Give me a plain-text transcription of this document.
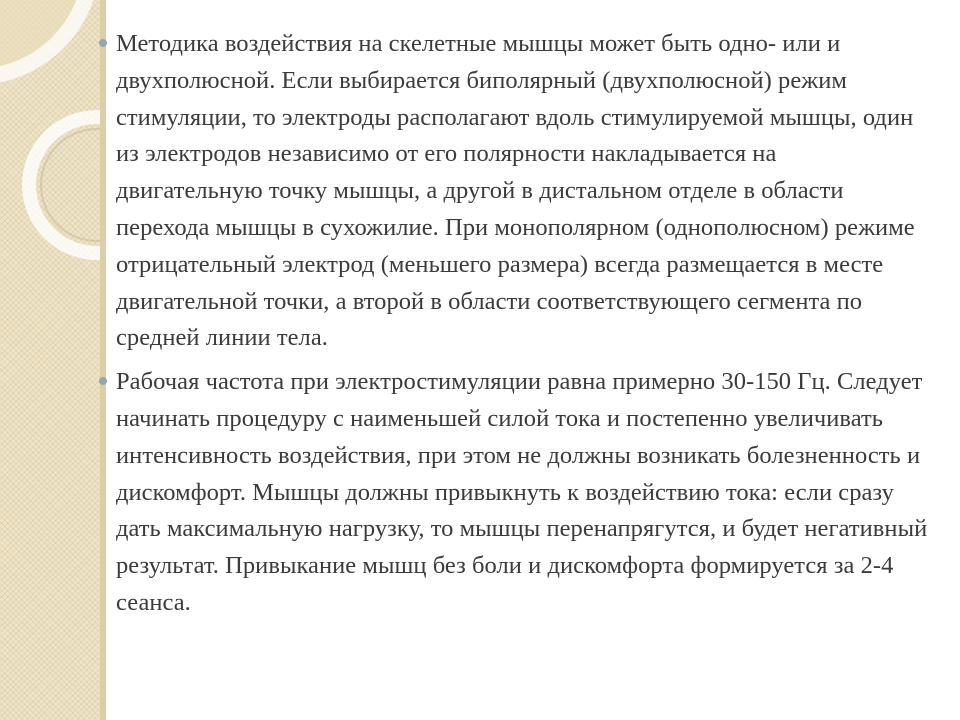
Методика воздействия на скелетные мышцы может быть одно- или и двухполюсной. Если выбирается биполярный (двухполюсной) режим стимуляции, то электроды располагают вдоль стимулируемой мышцы, один из электродов независимо от его полярности накладывается на двигательную точку мышцы, а другой в дистальном отделе в области перехода мышцы в сухожилие. При монополярном (однополюсном) режиме отрицательный электрод (меньшего размера) всегда размещается в месте двигательной точки, а второй в области соответствующего сегмента по средней линии тела.

Рабочая частота при электростимуляции равна примерно 30-150 Гц. Следует начинать процедуру с наименьшей силой тока и постепенно увеличивать интенсивность воздействия, при этом не должны возникать болезненность и дискомфорт. Мышцы должны привыкнуть к воздействию тока: если сразу дать максимальную нагрузку, то мышцы перенапрягутся, и будет негативный результат. Привыкание мышц без боли и дискомфорта формируется за 2-4 сеанса.
